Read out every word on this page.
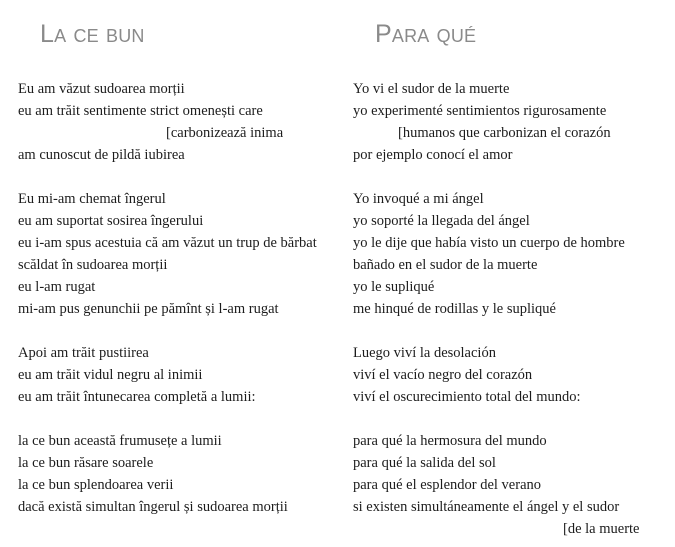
La ce bun	Para qué
Eu am văzut sudoarea morții
eu am trăit sentimente strict omenești care
[carbonizează inima
am cunoscut de pildă iubirea
Eu mi-am chemat îngerul
eu am suportat sosirea îngerului
eu i-am spus acestuia că am văzut un trup de bărbat
scăldat în sudoarea morții
eu l-am rugat
mi-am pus genunchii pe pămînt și l-am rugat
Apoi am trăit pustiirea
eu am trăit vidul negru al inimii
eu am trăit întunecarea completă a lumii:
la ce bun această frumusețe a lumii
la ce bun răsare soarele
la ce bun splendoarea verii
dacă există simultan îngerul și sudoarea morții
Yo vi el sudor de la muerte
yo experimenté sentimientos rigurosamente
[humanos que carbonizan el corazón
por ejemplo conocí el amor
Yo invoqué a mi ángel
yo soporté la llegada del ángel
yo le dije que había visto un cuerpo de hombre
bañado en el sudor de la muerte
yo le supliqué
me hinqué de rodillas y le supliqué
Luego viví la desolación
viví el vacío negro del corazón
viví el oscurecimiento total del mundo:
para qué la hermosura del mundo
para qué la salida del sol
para qué el esplendor del verano
si existen simultáneamente el ángel y el sudor
[de la muerte
